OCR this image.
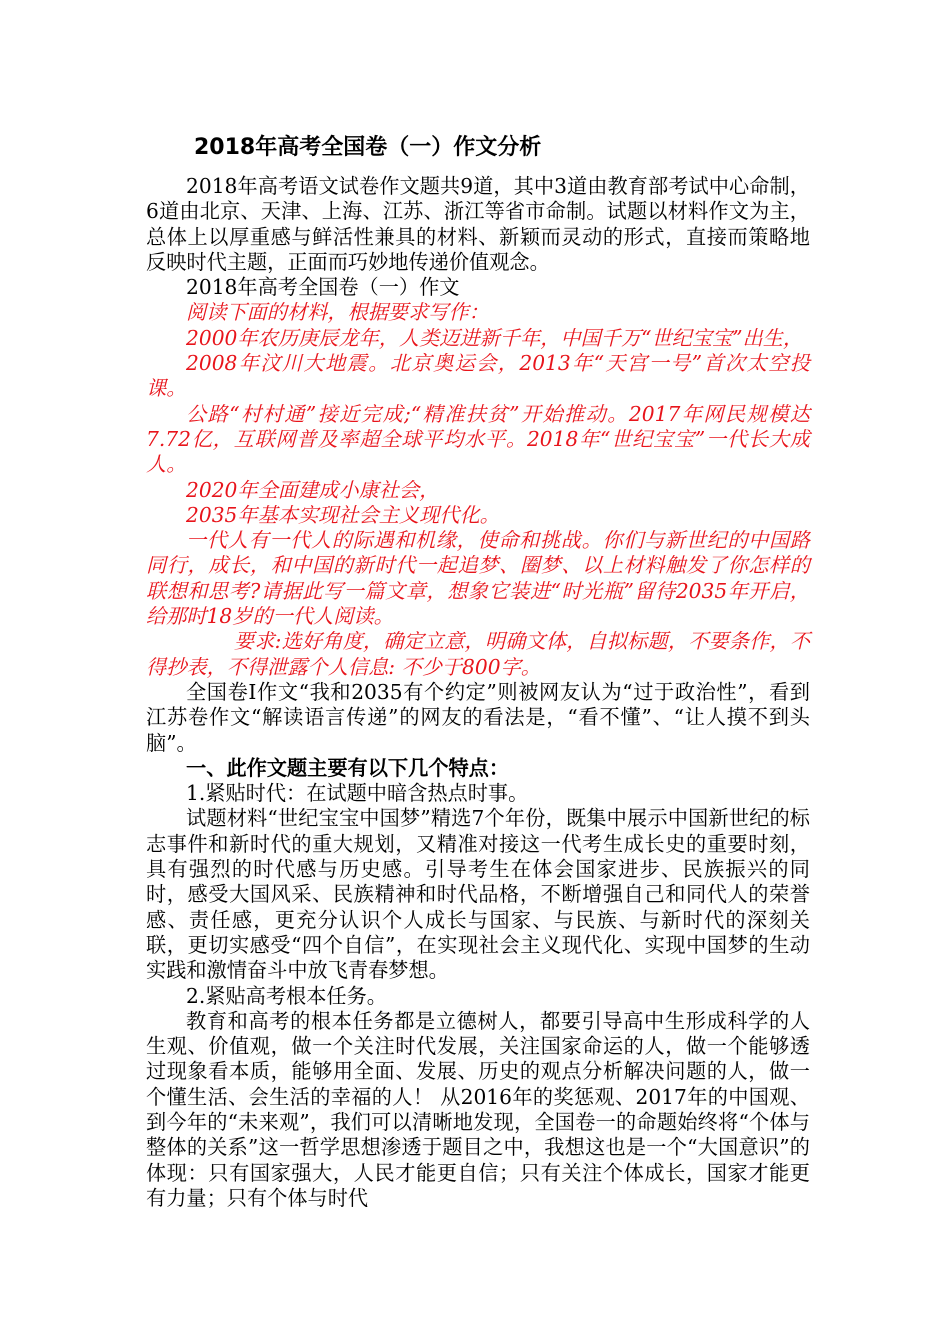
2018年高考全国卷（一）作文分析

2018年高考语文试卷作文题共9道，其中3道由教育部考试中心命制，6道由北京、天津、上海、江苏、浙江等省市命制。试题以材料作文为主，总体上以厚重感与鲜活性兼具的材料、新颖而灵动的形式，直接而策略地反映时代主题，正面而巧妙地传递价值观念。

2018年高考全国卷（一）作文

阅读下面的材料，根据要求写作：

2000年农历庚辰龙年，人类迈进新千年，中国千万“世纪宝宝”出生，

2008年汶川大地震。北京奥运会，2013年“天宫一号”首次太空投课。

公路“村村通”接近完成;“精准扶贫”开始推动。2017年网民规模达7.72亿，互联网普及率超全球平均水平。2018年“世纪宝宝”一代长大成人。

2020年全面建成小康社会，

2035年基本实现社会主义现代化。

一代人有一代人的际遇和机缘，使命和挑战。你们与新世纪的中国路同行，成长，和中国的新时代一起追梦、圈梦、以上材料触发了你怎样的联想和思考?请据此写一篇文章，想象它装进“时光瓶”留待2035年开启，给那时18岁的一代人阅读。

要求:选好角度，确定立意，明确文体，自拟标题，不要条作，不得抄表，不得泄露个人信息: 不少于800字。

全国卷I作文“我和2035有个约定”则被网友认为“过于政治性”，看到江苏卷作文“解读语言传递”的网友的看法是，“看不懂”、“让人摸不到头脑”。

一、此作文题主要有以下几个特点：

1.紧贴时代：在试题中暗含热点时事。

试题材料“世纪宝宝中国梦”精选7个年份，既集中展示中国新世纪的标志事件和新时代的重大规划，又精准对接这一代考生成长史的重要时刻，具有强烈的时代感与历史感。引导考生在体会国家进步、民族振兴的同时，感受大国风采、民族精神和时代品格，不断增强自己和同代人的荣誉感、责任感，更充分认识个人成长与国家、与民族、与新时代的深刻关联，更切实感受“四个自信”，在实现社会主义现代化、实现中国梦的生动实践和激情奋斗中放飞青春梦想。

2.紧贴高考根本任务。

教育和高考的根本任务都是立德树人，都要引导高中生形成科学的人生观、价值观，做一个关注时代发展，关注国家命运的人，做一个能够透过现象看本质，能够用全面、发展、历史的观点分析解决问题的人，做一个懂生活、会生活的幸福的人！ 从2016年的奖惩观、2017年的中国观、到今年的“未来观”，我们可以清晰地发现，全国卷一的命题始终将“个体与整体的关系”这一哲学思想渗透于题目之中，我想这也是一个“大国意识”的体现：只有国家强大，人民才能更自信；只有关注个体成长，国家才能更有力量；只有个体与时代
